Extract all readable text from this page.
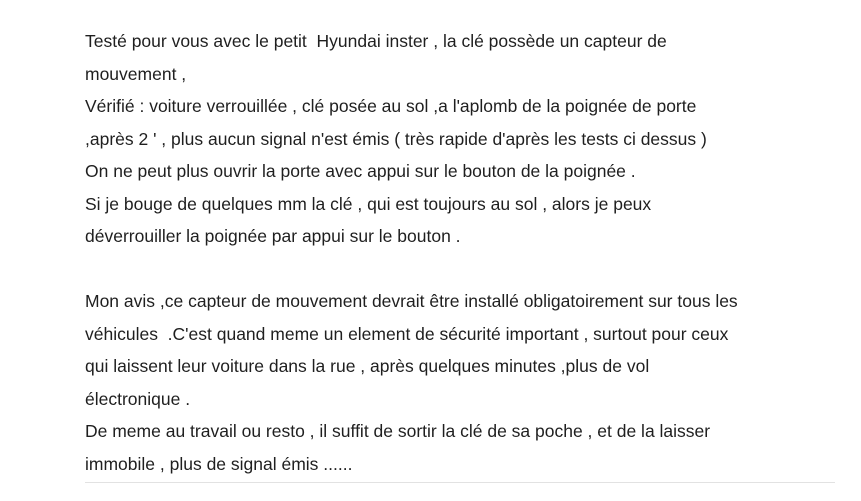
Testé pour vous avec le petit  Hyundai inster , la clé possède un capteur de
mouvement ,
Vérifié : voiture verrouillée , clé posée au sol ,a l'aplomb de la poignée de porte
,après 2 ' , plus aucun signal n'est émis ( très rapide d'après les tests ci dessus )
On ne peut plus ouvrir la porte avec appui sur le bouton de la poignée .
Si je bouge de quelques mm la clé , qui est toujours au sol , alors je peux
déverrouiller la poignée par appui sur le bouton .
Mon avis ,ce capteur de mouvement devrait être installé obligatoirement sur tous les
véhicules  .C'est quand meme un element de sécurité important , surtout pour ceux
qui laissent leur voiture dans la rue , après quelques minutes ,plus de vol
électronique .
De meme au travail ou resto , il suffit de sortir la clé de sa poche , et de la laisser
immobile , plus de signal émis ......
